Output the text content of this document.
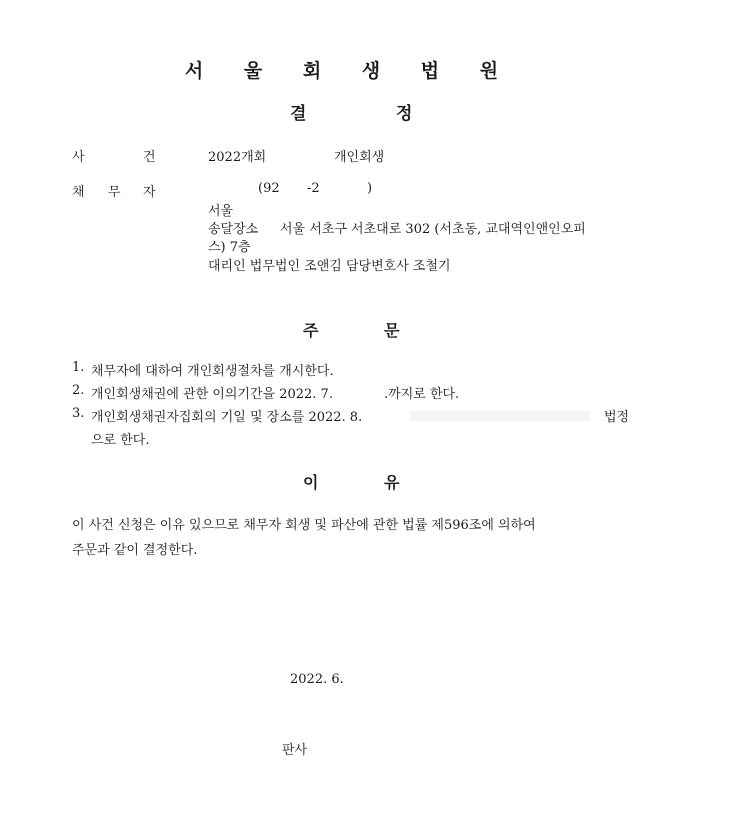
서 울 회 생 법 원
결	정
사	건	2022개회	개인회생
채 무 자	(92 -2	)
서울
송달장소 서울 서초구 서초대로 302 (서초동, 교대역인앤인오피
스) 7층
대리인 법무법인 조앤김 담당변호사 조철기
주	문
1. 채무자에 대하여 개인회생절차를 개시한다.
2. 개인회생채권에 관한 이의기간을 2022. 7.	.까지로 한다.
3. 개인회생채권자집회의 기일 및 장소를 2022. 8.	법정
으로 한다.
이	유
이 사건 신청은 이유 있으므로 채무자 회생 및 파산에 관한 법률 제596조에 의하여
주문과 같이 결정한다.
2022. 6.
판사
